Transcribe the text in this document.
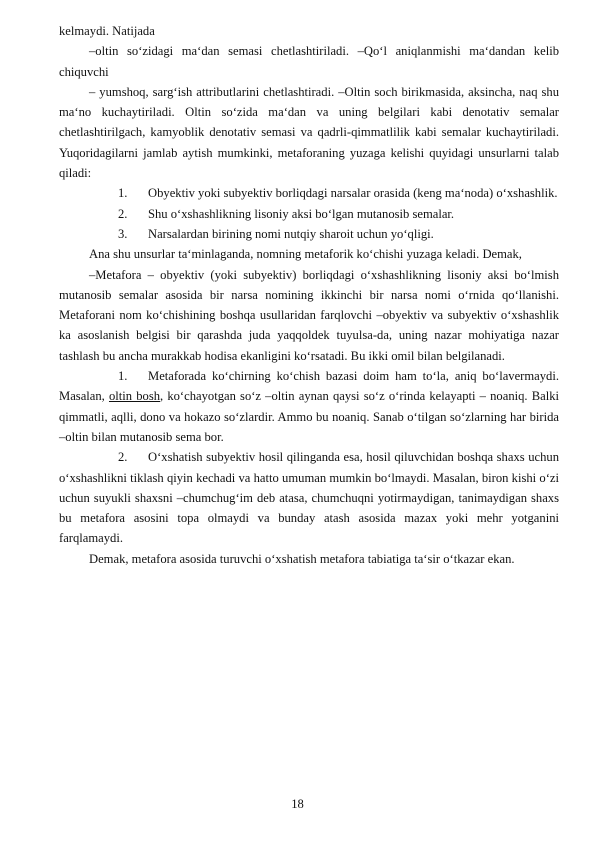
kelmaydi. Natijada

–oltin so‘zidagi ma‘dan semasi chetlashtiriladi. –Qo‘l aniqlanmishi ma‘dandan kelib chiquvchi

– yumshoq, sarg‘ish attributlarini chetlashtiradi. –Oltin soch birikmasida, aksincha, naq shu ma‘no kuchaytiriladi. Oltin so‘zida ma‘dan va uning belgilari kabi denotativ semalar chetlashtirilgach, kamyoblik denotativ semasi va qadrli-qimmatlilik kabi semalar kuchaytiriladi. Yuqoridagilarni jamlab aytish mumkinki, metaforaning yuzaga kelishi quyidagi unsurlarni talab qiladi:

1. Obyektiv yoki subyektiv borliqdagi narsalar orasida (keng ma‘noda) o‘xshashlik.

2. Shu o‘xshashlikning lisoniy aksi bo‘lgan mutanosib semalar.

3. Narsalardan birining nomi nutqiy sharoit uchun yo‘qligi.

Ana shu unsurlar ta‘minlaganda, nomning metaforik ko‘chishi yuzaga keladi. Demak,

–Metafora – obyektiv (yoki subyektiv) borliqdagi o‘xshashlikning lisoniy aksi bo‘lmish mutanosib semalar asosida bir narsa nomining ikkinchi bir narsa nomi o‘rnida qo‘llanishi. Metaforani nom ko‘chishining boshqa usullaridan farqlovchi –obyektiv va subyektiv o‘xshashlik ka asoslanish belgisi bir qarashda juda yaqqoldek tuyulsa-da, uning nazar mohiyatiga nazar tashlash bu ancha murakkab hodisa ekanligini ko‘rsatadi. Bu ikki omil bilan belgilanadi.

1. Metaforada ko‘chirning ko‘chish bazasi doim ham to‘la, aniq bo‘lavermaydi. Masalan, oltin bosh, ko‘chayotgan so‘z –oltin aynan qaysi so‘z o‘rinda kelayapti – noaniq. Balki qimmatli, aqlli, dono va hokazo so‘zlardir. Ammo bu noaniq. Sanab o‘tilgan so‘zlarning har birida –oltin bilan mutanosib sema bor.

2. O‘xshatish subyektiv hosil qilinganda esa, hosil qiluvchidan boshqa shaxs uchun o‘xshashlikni tiklash qiyin kechadi va hatto umuman mumkin bo‘lmaydi. Masalan, biron kishi o‘zi uchun suyukli shaxsni –chumchug‘im deb atasa, chumchuqni yotirmaydigan, tanimaydigan shaxs bu metafora asosini topa olmaydi va bunday atash asosida mazax yoki mehr yotganini farqlamaydi.

Demak, metafora asosida turuvchi o‘xshatish metafora tabiatiga ta‘sir o‘tkazar ekan.

18
